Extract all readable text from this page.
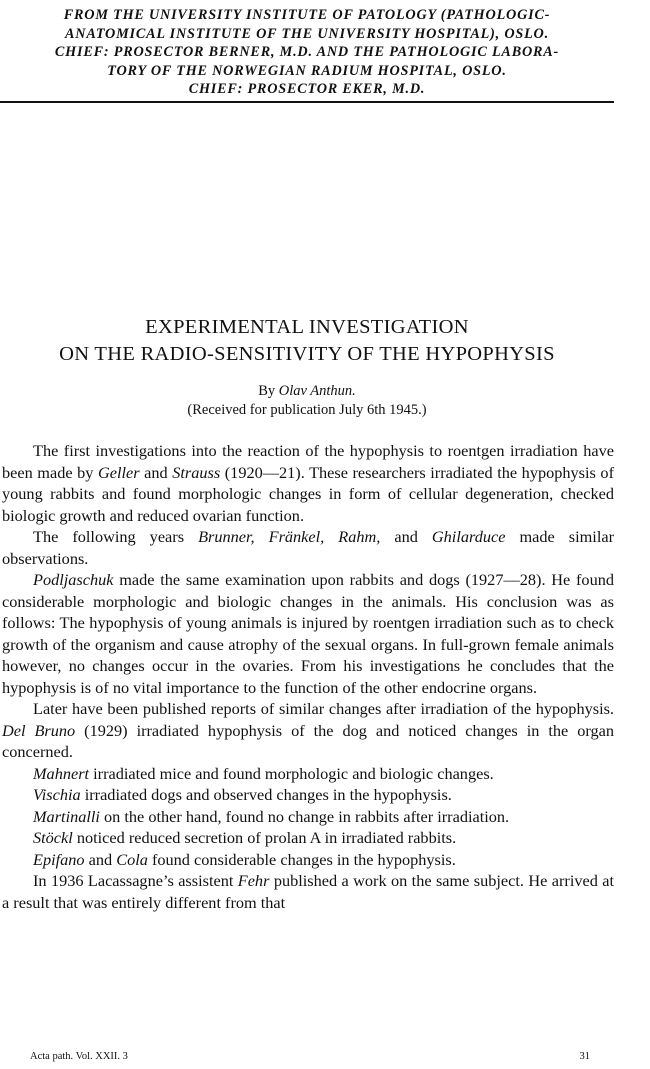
FROM THE UNIVERSITY INSTITUTE OF PATOLOGY (PATHOLOGIC-
ANATOMICAL INSTITUTE OF THE UNIVERSITY HOSPITAL), OSLO.
CHIEF: PROSECTOR BERNER, M.D. AND THE PATHOLOGIC LABORA-
TORY OF THE NORWEGIAN RADIUM HOSPITAL, OSLO.
CHIEF: PROSECTOR EKER, M.D.
EXPERIMENTAL INVESTIGATION
ON THE RADIO-SENSITIVITY OF THE HYPOPHYSIS
By Olav Anthun.
(Received for publication July 6th 1945.)

The first investigations into the reaction of the hypophysis to roentgen irradiation have been made by Geller and Strauss (1920—21). These researchers irradiated the hypophysis of young rabbits and found morphologic changes in form of cellular degeneration, checked biologic growth and reduced ovarian function.

The following years Brunner, Fränkel, Rahm, and Ghilarduce made similar observations.

Podljaschuk made the same examination upon rabbits and dogs (1927—28). He found considerable morphologic and biologic changes in the animals. His conclusion was as follows: The hypophysis of young animals is injured by roentgen irradiation such as to check growth of the organism and cause atrophy of the sexual organs. In full-grown female animals however, no changes occur in the ovaries. From his investigations he concludes that the hypophysis is of no vital importance to the function of the other endocrine organs.

Later have been published reports of similar changes after irradiation of the hypophysis. Del Bruno (1929) irradiated hypophysis of the dog and noticed changes in the organ concerned.

Mahnert irradiated mice and found morphologic and biologic changes.

Vischia irradiated dogs and observed changes in the hypophysis.

Martinalli on the other hand, found no change in rabbits after irradiation.

Stöckl noticed reduced secretion of prolan A in irradiated rabbits.

Epifano and Cola found considerable changes in the hypophysis.

In 1936 Lacassagne’s assistent Fehr published a work on the same subject. He arrived at a result that was entirely different from that

Acta path. Vol. XXII. 3	31
